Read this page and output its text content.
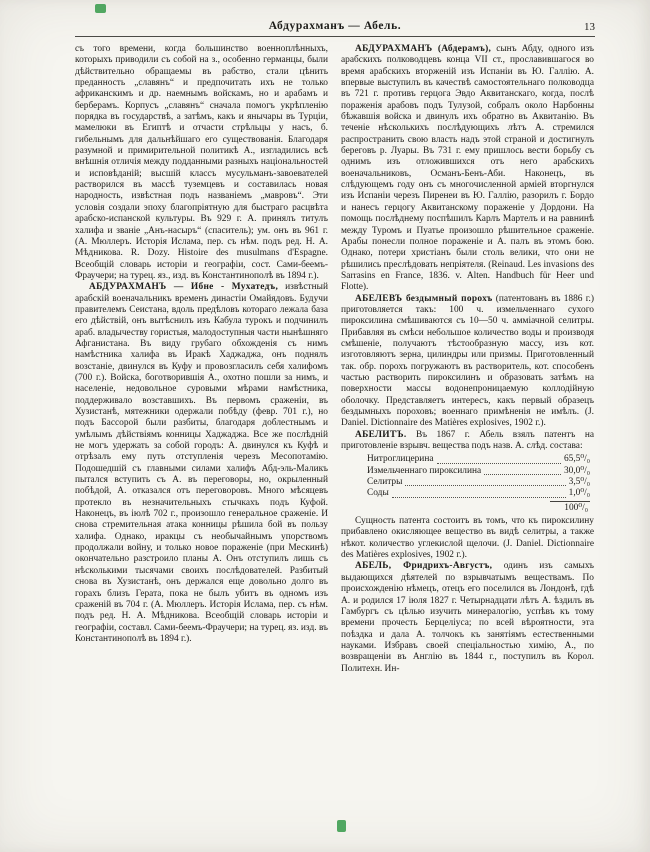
Абдурахманъ — Абель.	13

съ того времени, когда большинство военноплѣнныхъ, которыхъ приводили съ собой на з., особенно германцы, были дѣйствительно обращаемы въ рабство, стали цѣнить преданность „славянъ“ и предпочитать ихъ не только африканскимъ и др. наемнымъ войскамъ, но и арабамъ и берберамъ. Корпусъ „славянъ“ сначала помогъ укрѣпленію порядка въ государствѣ, а затѣмъ, какъ и янычары въ Турціи, мамелюки въ Египтѣ и отчасти стрѣльцы у насъ, б. гибельнымъ для дальнѣйшаго его существованія. Благодаря разумной и примирительной политикѣ А., изгладились всѣ внѣшнія отличія между подданными разныхъ національностей и исповѣданій; высшій классъ мусульманъ-завоевателей растворился въ массѣ туземцевъ и составилась новая народность, извѣстная подъ названіемъ „мавровъ“. Эти условія создали эпоху благопріятную для быстраго расцвѣта арабско-испанской культуры. Въ 929 г. А. принялъ титулъ халифа и званіе „Анъ-насыръ“ (спаситель); ум. онъ въ 961 г. (А. Мюллеръ. Исторія Ислама, пер. съ нѣм. подъ ред. Н. А. Мѣдникова. R. Dozy. Histoire des musulmans d'Espagne. Всеобщій словарь исторіи и географіи, сост. Сами-беемъ-Фраучери; на турец. яз., изд. въ Константинополѣ въ 1894 г.).

АБДУРАХМАНЪ — Ибне - Мухатедъ, извѣстный арабскій военачальникъ временъ династіи Омайядовъ. Будучи правителемъ Сеистана, вдоль предѣловъ котораго лежала база его дѣйствій, онъ вытѣснилъ изъ Кабула турокъ и подчинилъ араб. владычеству гористыя, малодоступныя части нынѣшняго Афганистана. Въ виду грубаго обхожденія съ нимъ намѣстника халифа въ Иракѣ Хаджаджа, онъ поднялъ возстаніе, двинулся въ Куфу и провозгласилъ себя халифомъ (700 г.). Войска, боготворившія А., охотно пошли за нимъ, и населеніе, недовольное суровыми мѣрами намѣстника, поддерживало возставшихъ. Въ первомъ сраженіи, въ Хузистанѣ, мятежники одержали побѣду (февр. 701 г.), но подъ Бассорой были разбиты, благодаря доблестнымъ и умѣлымъ дѣйствіямъ конницы Хаджаджа. Все же послѣдній не могъ удержать за собой городъ: А. двинулся къ Куфѣ и отрѣзалъ ему путь отступленія черезъ Месопотамію. Подошедшій съ главными силами халифъ Абд-эль-Маликъ пытался вступить съ А. въ переговоры, но, окрыленный побѣдой, А. отказался отъ переговоровъ. Много мѣсяцевъ протекло въ незначительныхъ стычкахъ подъ Куфой. Наконецъ, въ іюлѣ 702 г., произошло генеральное сраженіе. И снова стремительная атака конницы рѣшила бой въ пользу халифа. Однако, иракцы съ необычайнымъ упорствомъ продолжали войну, и только новое пораженіе (при Мескинѣ) окончательно разстроило планы А. Онъ отступилъ лишь съ нѣсколькими тысячами своихъ послѣдователей. Разбитый снова въ Хузистанѣ, онъ держался еще довольно долго въ горахъ близъ Герата, пока не былъ убитъ въ одномъ изъ сраженій въ 704 г. (А. Мюллеръ. Исторія Ислама, пер. съ нѣм. подъ ред. Н. А. Мѣдникова. Всеобщій словарь исторіи и географіи, составл. Сами-беемъ-Фраучери; на турец. яз. изд. въ Константинополѣ въ 1894 г.).

АБДУРАХМАНЪ (Абдерамъ), сынъ Абду, одного изъ арабскихъ полководцевъ конца VII ст., прославившагося во время арабскихъ вторженій изъ Испаніи въ Ю. Галлію. А. впервые выступилъ въ качествѣ самостоятельнаго полководца въ 721 г. противъ герцога Эвдо Аквитанскаго, когда, послѣ пораженія арабовъ подъ Тулузой, собралъ около Нарбонны бѣжавшія войска и двинулъ ихъ обратно въ Аквитанію. Въ теченіе нѣсколькихъ послѣдующихъ лѣтъ А. стремился распространить свою власть надъ этой страной и достигнулъ береговъ р. Луары. Въ 731 г. ему пришлось вести борьбу съ однимъ изъ отложившихся отъ него арабскихъ военачальниковъ, Османъ-Бенъ-Аби. Наконецъ, въ слѣдующемъ году онъ съ многочисленной арміей вторгнулся изъ Испаніи черезъ Пиренеи въ Ю. Галлію, разорилъ г. Бордо и нанесъ герцогу Аквитанскому пораженіе у Дордони. На помощь послѣднему поспѣшилъ Карлъ Мартелъ и на равнинѣ между Туромъ и Пуатье произошло рѣшительное сраженіе. Арабы понесли полное пораженіе и А. палъ въ этомъ бою. Однако, потери христіанъ были столь велики, что они не рѣшились преслѣдовать непріятеля. (Reinaud. Les invasions des Sarrasins en France, 1836. v. Alten. Handbuch für Heer und Flotte).

АБЕЛЕВЪ бездымный порохъ (патентованъ въ 1886 г.) приготовляется такъ: 100 ч. измельченнаго сухого пироксилина смѣшиваются съ 10—50 ч. амміачной селитры. Прибавляя въ смѣси небольшое количество воды и производя смѣшеніе, получаютъ тѣстообразную массу, изъ кот. изготовляютъ зерна, цилиндры или призмы. Приготовленный так. обр. порохъ погружаютъ въ растворитель, кот. способенъ частью растворить пироксилинъ и образовать затѣмъ на поверхности массы водонепроницаемую коллодійную оболочку. Представляетъ интересъ, какъ первый образецъ бездымныхъ пороховъ; военнаго примѣненія не имѣлъ. (J. Daniel. Dictionnaire des Matières explosives, 1902 г.).

АБЕЛИТЪ. Въ 1867 г. Абель взялъ патентъ на приготовленіе взрывч. вещества подъ назв. А. слѣд. состава:

Нитроглицерина	65,5⁰/₀
Измельченнаго пироксилина	30,0⁰/₀
Селитры	3,5⁰/₀
Соды	1,0⁰/₀
100⁰/₀

Сущность патента состоитъ въ томъ, что къ пироксилину прибавлено окисляющее вещество въ видѣ селитры, а также нѣкот. количество углекислой щелочи. (J. Daniel. Dictionnaire des Matières explosives, 1902 г.).

АБЕЛЬ, Фридрихъ-Августъ, одинъ изъ самыхъ выдающихся дѣятелей по взрывчатымъ веществамъ. По происхожденію нѣмецъ, отецъ его поселился въ Лондонѣ, гдѣ А. и родился 17 іюля 1827 г. Четырнадцати лѣтъ А. ѣздилъ въ Гамбургъ съ цѣлью изучить минералогію, успѣвъ къ тому времени прочесть Берцеліуса; по всей вѣроятности, эта поѣздка и дала А. толчокъ къ занятіямъ естественными науками. Избравъ своей спеціальностью химію, А., по возвращеніи въ Англію въ 1844 г., поступилъ въ Корол. Политехн. Ин-
